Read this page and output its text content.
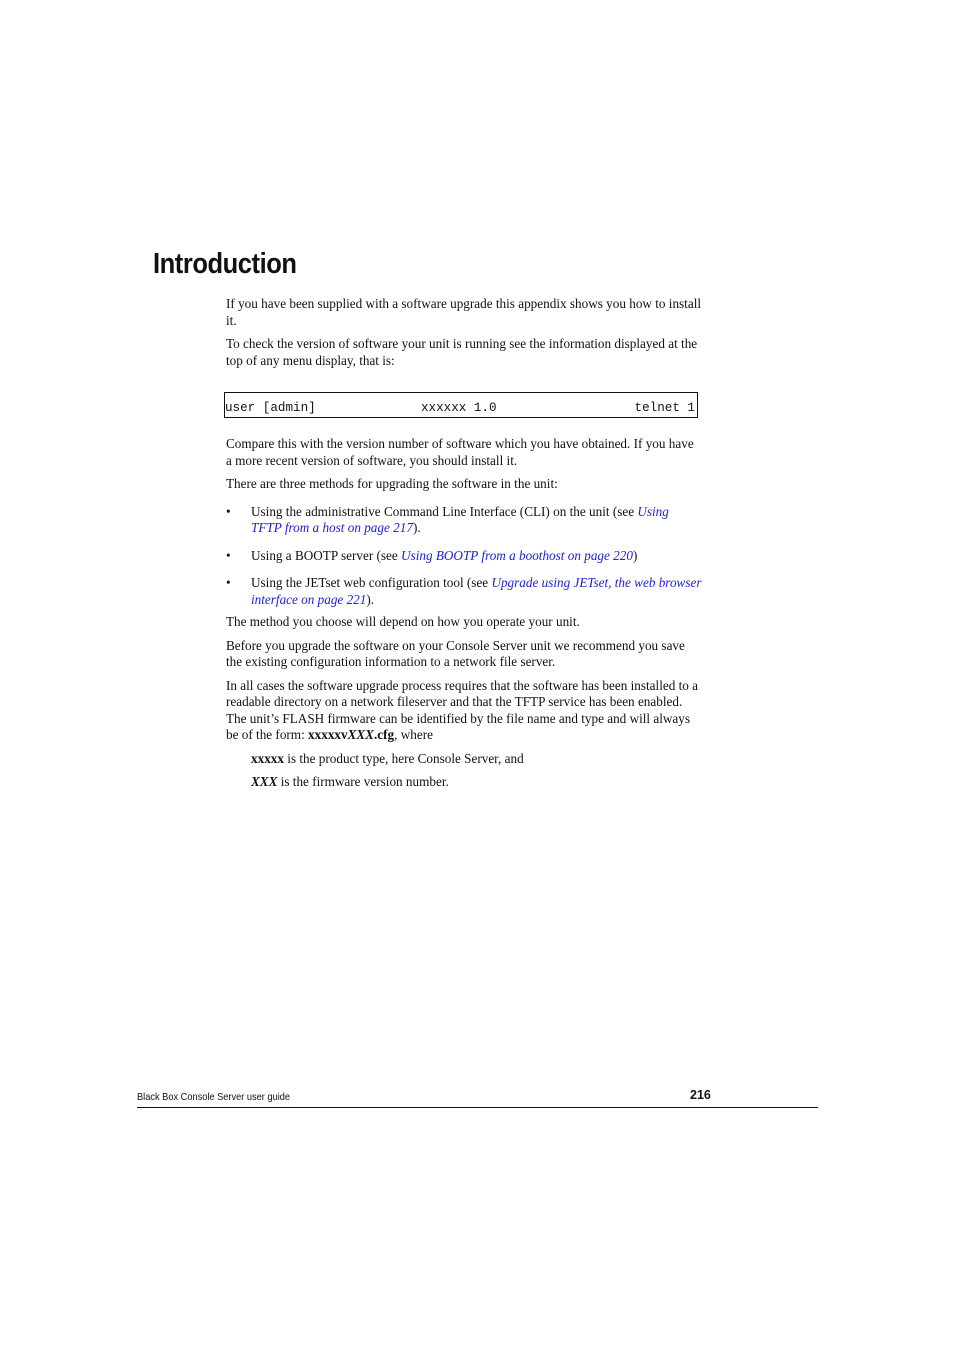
Introduction

If you have been supplied with a software upgrade this appendix shows you how to install it.

To check the version of software your unit is running see the information displayed at the top of any menu display, that is:

user [admin]	xxxxxx 1.0	telnet 1

Compare this with the version number of software which you have obtained. If you have a more recent version of software, you should install it.

There are three methods for upgrading the software in the unit:

• Using the administrative Command Line Interface (CLI) on the unit (see Using TFTP from a host on page 217).
• Using a BOOTP server (see Using BOOTP from a boothost on page 220)
• Using the JETset web configuration tool (see Upgrade using JETset, the web browser interface on page 221).

The method you choose will depend on how you operate your unit.

Before you upgrade the software on your Console Server unit we recommend you save the existing configuration information to a network file server.

In all cases the software upgrade process requires that the software has been installed to a readable directory on a network fileserver and that the TFTP service has been enabled. The unit’s FLASH firmware can be identified by the file name and type and will always be of the form: xxxxxvXXX.cfg, where

xxxxx is the product type, here Console Server, and

XXX is the firmware version number.

Black Box Console Server user guide	216
